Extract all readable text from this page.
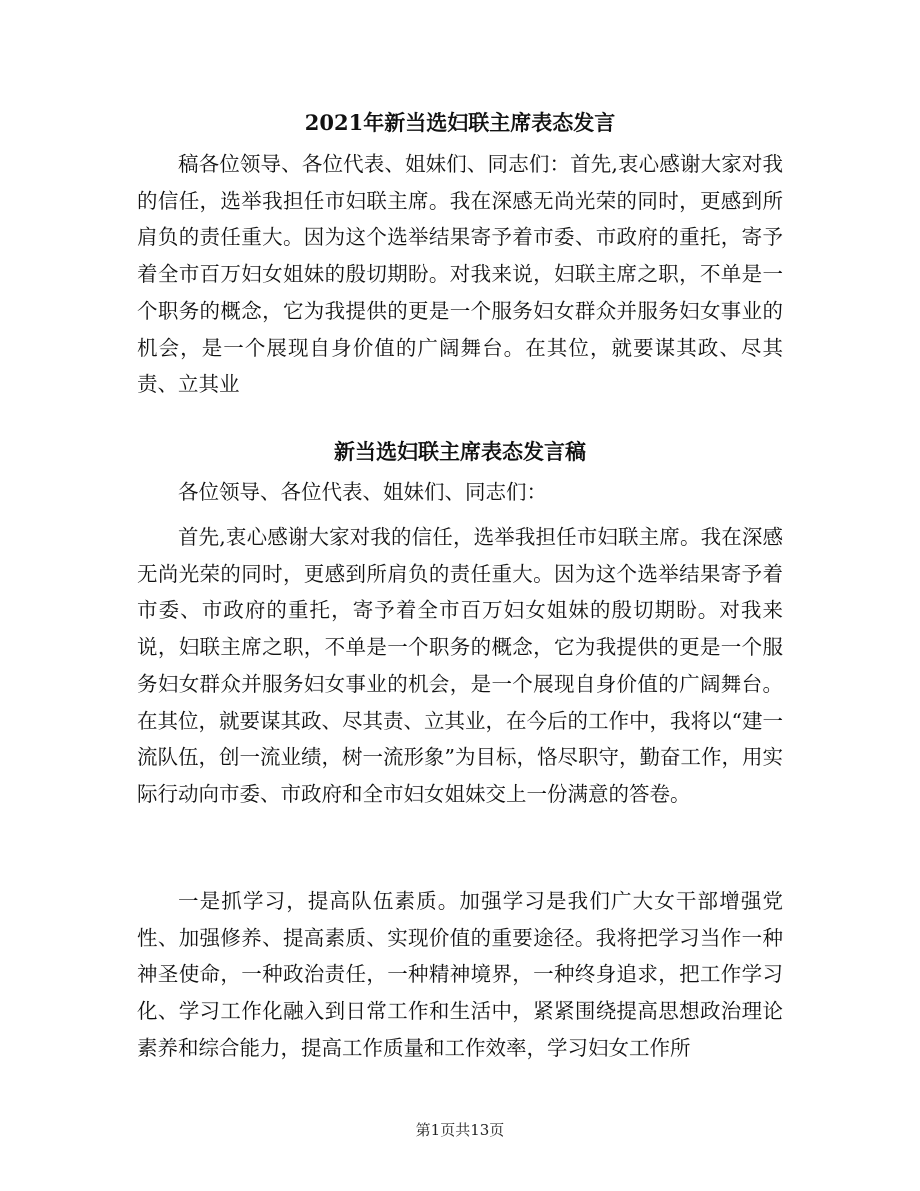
2021年新当选妇联主席表态发言

稿各位领导、各位代表、姐妹们、同志们：首先,衷心感谢大家对我的信任，选举我担任市妇联主席。我在深感无尚光荣的同时，更感到所肩负的责任重大。因为这个选举结果寄予着市委、市政府的重托，寄予着全市百万妇女姐妹的殷切期盼。对我来说，妇联主席之职，不单是一个职务的概念，它为我提供的更是一个服务妇女群众并服务妇女事业的机会，是一个展现自身价值的广阔舞台。在其位，就要谋其政、尽其责、立其业

新当选妇联主席表态发言稿

各位领导、各位代表、姐妹们、同志们：

首先,衷心感谢大家对我的信任，选举我担任市妇联主席。我在深感无尚光荣的同时，更感到所肩负的责任重大。因为这个选举结果寄予着市委、市政府的重托，寄予着全市百万妇女姐妹的殷切期盼。对我来说，妇联主席之职，不单是一个职务的概念，它为我提供的更是一个服务妇女群众并服务妇女事业的机会，是一个展现自身价值的广阔舞台。在其位，就要谋其政、尽其责、立其业，在今后的工作中，我将以“建一流队伍，创一流业绩，树一流形象”为目标，恪尽职守，勤奋工作，用实际行动向市委、市政府和全市妇女姐妹交上一份满意的答卷。

一是抓学习，提高队伍素质。加强学习是我们广大女干部增强党性、加强修养、提高素质、实现价值的重要途径。我将把学习当作一种神圣使命，一种政治责任，一种精神境界，一种终身追求，把工作学习化、学习工作化融入到日常工作和生活中，紧紧围绕提高思想政治理论素养和综合能力，提高工作质量和工作效率，学习妇女工作所

第1页共13页
